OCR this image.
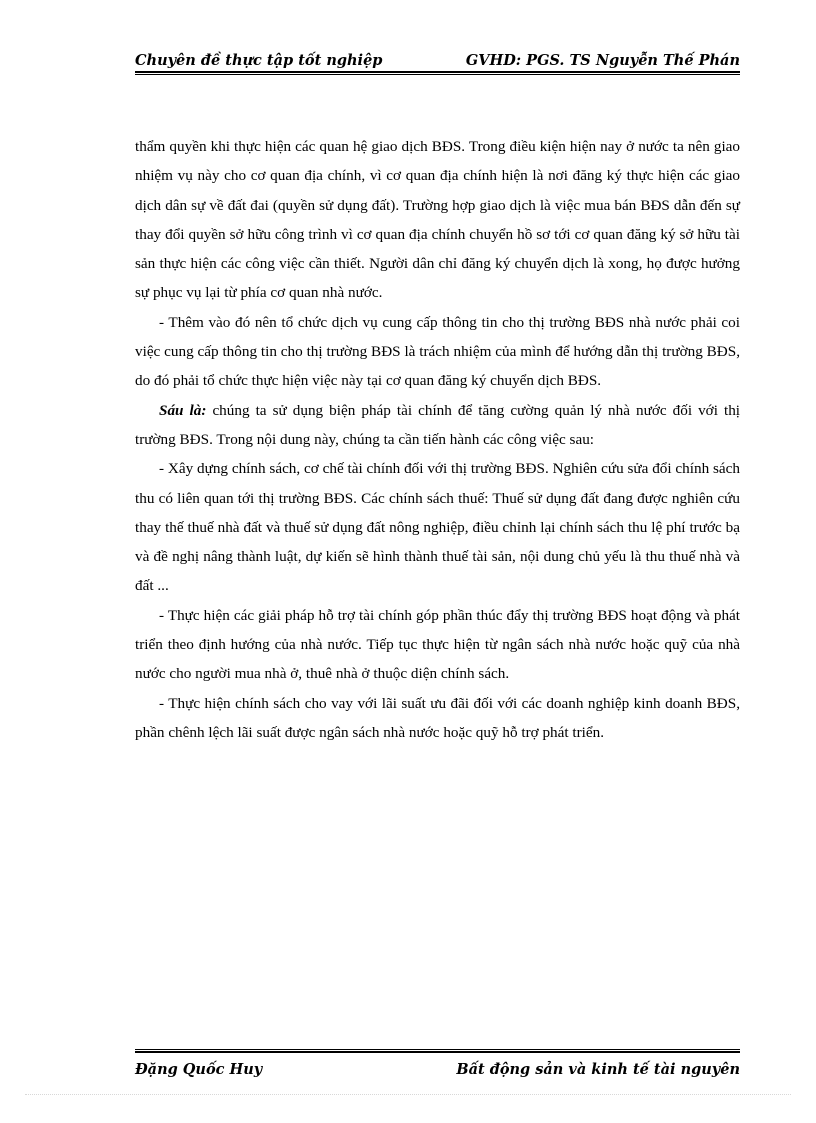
Chuyên đề thực tập tốt nghiệp	GVHD: PGS. TS Nguyễn Thế Phán

thẩm quyền khi thực hiện các quan hệ giao dịch BĐS. Trong điều kiện hiện nay ở nước ta nên giao nhiệm vụ này cho cơ quan địa chính, vì cơ quan địa chính hiện là nơi đăng ký thực hiện các giao dịch dân sự về đất đai (quyền sử dụng đất). Trường hợp giao dịch là việc mua bán BĐS dẫn đến sự thay đổi quyền sở hữu công trình vì cơ quan địa chính chuyển hồ sơ tới cơ quan đăng ký sở hữu tài sản thực hiện các công việc cần thiết. Người dân chỉ đăng ký chuyển dịch là xong, họ được hưởng sự phục vụ lại từ phía cơ quan nhà nước.

- Thêm vào đó nên tổ chức dịch vụ cung cấp thông tin cho thị trường BĐS nhà nước phải coi việc cung cấp thông tin cho thị trường BĐS là trách nhiệm của mình để hướng dẫn thị trường BĐS, do đó phải tổ chức thực hiện việc này tại cơ quan đăng ký chuyển dịch BĐS.

Sáu là: chúng ta sử dụng biện pháp tài chính để tăng cường quản lý nhà nước đối với thị trường BĐS. Trong nội dung này, chúng ta cần tiến hành các công việc sau:

- Xây dựng chính sách, cơ chế tài chính đối với thị trường BĐS. Nghiên cứu sửa đổi chính sách thu có liên quan tới thị trường BĐS. Các chính sách thuế: Thuế sử dụng đất đang được nghiên cứu thay thế thuế nhà đất và thuế sử dụng đất nông nghiệp, điều chỉnh lại chính sách thu lệ phí trước bạ và đề nghị nâng thành luật, dự kiến sẽ hình thành thuế tài sản, nội dung chủ yếu là thu thuế nhà và đất ...

- Thực hiện các giải pháp hỗ trợ tài chính góp phần thúc đẩy thị trường BĐS hoạt động và phát triển theo định hướng của nhà nước. Tiếp tục thực hiện từ ngân sách nhà nước hoặc quỹ của nhà nước cho người mua nhà ở, thuê nhà ở thuộc diện chính sách.

- Thực hiện chính sách cho vay với lãi suất ưu đãi đối với các doanh nghiệp kinh doanh BĐS, phần chênh lệch lãi suất được ngân sách nhà nước hoặc quỹ hỗ trợ phát triển.

Đặng Quốc Huy	Bất động sản và kinh tế tài nguyên
